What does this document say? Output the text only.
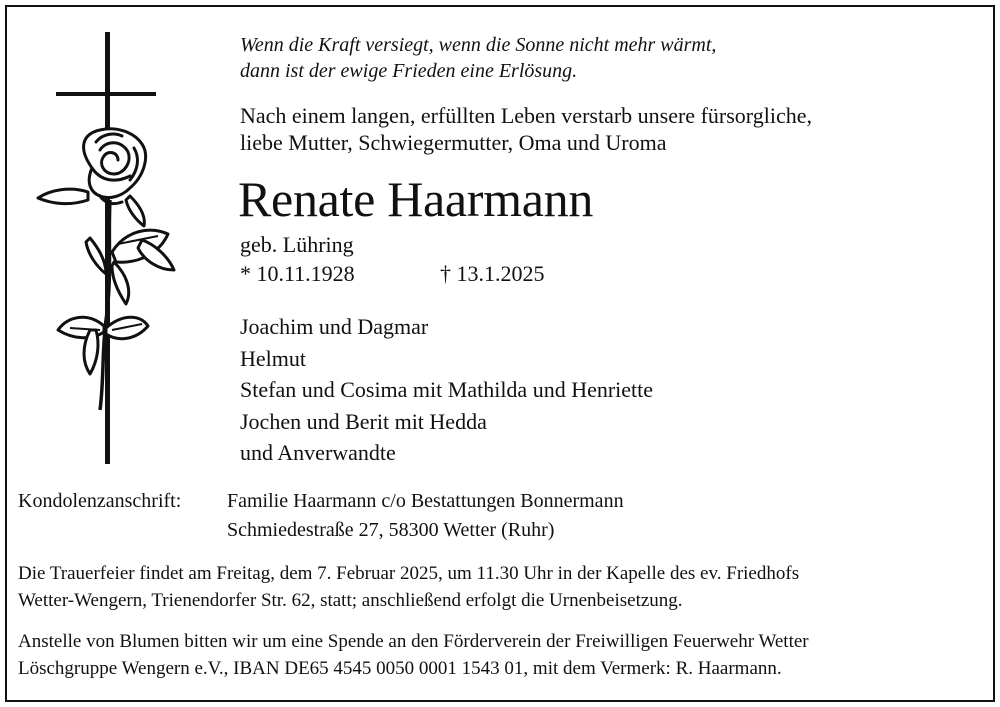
Wenn die Kraft versiegt, wenn die Sonne nicht mehr wärmt,
dann ist der ewige Frieden eine Erlösung.
Nach einem langen, erfüllten Leben verstarb unsere fürsorgliche,
liebe Mutter, Schwiegermutter, Oma und Uroma
Renate Haarmann
geb. Lühring
* 10.11.1928	† 13.1.2025
Joachim und Dagmar
Helmut
Stefan und Cosima mit Mathilda und Henriette
Jochen und Berit mit Hedda
und Anverwandte
Kondolenzanschrift: Familie Haarmann c/o Bestattungen Bonnermann
Schmiedestraße 27, 58300 Wetter (Ruhr)
Die Trauerfeier findet am Freitag, dem 7. Februar 2025, um 11.30 Uhr in der Kapelle des ev. Friedhofs
Wetter-Wengern, Trienendorfer Str. 62, statt; anschließend erfolgt die Urnenbeisetzung.
Anstelle von Blumen bitten wir um eine Spende an den Förderverein der Freiwilligen Feuerwehr Wetter
Löschgruppe Wengern e.V., IBAN DE65 4545 0050 0001 1543 01, mit dem Vermerk: R. Haarmann.
